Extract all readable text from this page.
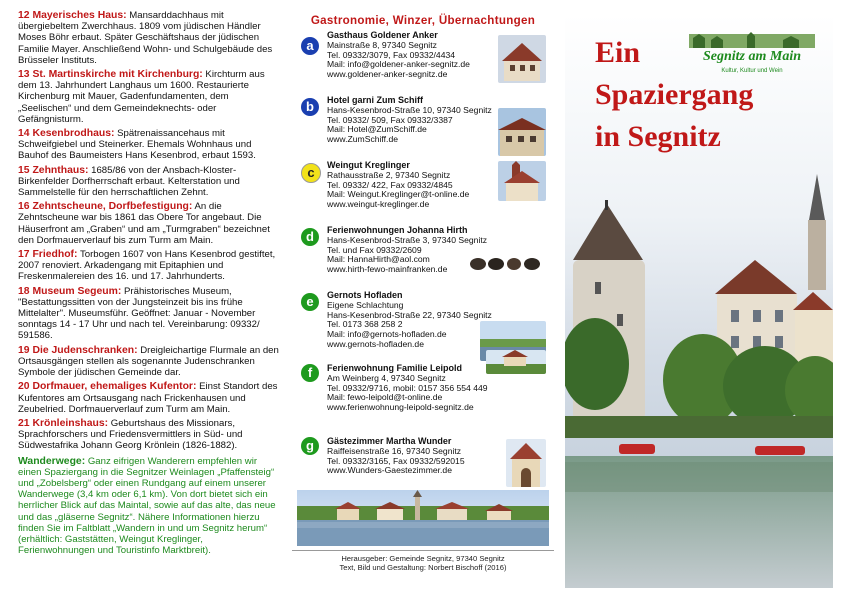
12 Mayerisches Haus: Mansarddachhaus mit übergiebeltem Zwerchhaus. 1809 vom jüdischen Händler Moses Böhr erbaut. Später Geschäftshaus der jüdischen Familie Mayer. Anschließend Wohn- und Schulgebäude des Brüsseler Instituts.
13 St. Martinskirche mit Kirchenburg: Kirchturm aus dem 13. Jahrhundert Langhaus um 1600. Restaurierte Kirchenburg mit Mauer, Gadenfundamenten, dem „Seelischen“ und dem Gemeindeknechts- oder Gefängnisturm.
14 Kesenbrodhaus: Spätrenaissancehaus mit Schweifgiebel und Steinerker. Ehemals Wohnhaus und Bauhof des Baumeisters Hans Kesenbrod, erbaut 1593.
15 Zehnthaus: 1685/86 von der Ansbach-Kloster-Birkenfelder Dorfherrschaft erbaut. Kelterstation und Sammelstelle für den herrschaftlichen Zehnt.
16 Zehntscheune, Dorfbefestigung: An die Zehntscheune war bis 1861 das Obere Tor angebaut. Die Häuserfront am „Graben“ und am „Turmgraben“ bezeichnet den Dorfmauerverlauf bis zum Turm am Main.
17 Friedhof: Torbogen 1607 von Hans Kesenbrod gestiftet, 2007 renoviert. Arkadengang mit Epitaphien und Freskenmalereien des 16. und 17. Jahrhunderts.
18 Museum Segeum: Prähistorisches Museum, "Bestattungssitten von der Jungsteinzeit bis ins frühe Mittelalter". Museumsführ. Geöffnet: Januar - November sonntags 14 - 17 Uhr und nach tel. Vereinbarung: 09332/ 591586.
19 Die Judenschranken: Dreigleichartige Flurmale an den Ortsausgängen stellen als sogenannte Judenschranken Symbole der jüdischen Gemeinde dar.
20 Dorfmauer, ehemaliges Kufentor: Einst Standort des Kufentores am Ortsausgang nach Frickenhausen und Zeubelried. Dorfmauerverlauf zum Turm am Main.
21 Krönleinshaus: Geburtshaus des Missionars, Sprachforschers und Friedensvermittlers in Süd- und Südwestafrika Johann Georg Krönlein (1826-1882).
Wanderwege: Ganz eifrigen Wanderern empfehlen wir einen Spaziergang in die Segnitzer Weinlagen „Pfaffensteig“ und „Zobelsberg“ oder einen Rundgang auf einem unserer Wanderwege (3,4 km oder 6,1 km). Von dort bietet sich ein herrlicher Blick auf das Maintal, sowie auf das alte, das neue und das „gläserne Segnitz“. Nähere Informationen hierzu finden Sie im Faltblatt „Wandern in und um Segnitz herum“ (erhältlich: Gaststätten, Weingut Kreglinger, Ferienwohnungen und Touristinfo Marktbreit).
Gastronomie, Winzer, Übernachtungen
a
Gasthaus Goldener Anker
Mainstraße 8, 97340 Segnitz
Tel. 09332/3079, Fax 09332/4434
Mail: info@goldener-anker-segnitz.de
www.goldener-anker-segnitz.de
b	Hotel garni Zum Schiff
Hans-Kesenbrod-Straße 10, 97340 Segnitz
Tel. 09332/ 509, Fax 09332/3387
Mail: Hotel@ZumSchiff.de
www.ZumSchiff.de
c	Weingut Kreglinger
Rathausstraße 2, 97340 Segnitz
Tel. 09332/ 422, Fax 09332/4845
Mail: Weingut.Kreglinger@t-online.de
www.weingut-kreglinger.de
d	Ferienwohnungen Johanna Hirth
Hans-Kesenbrod-Straße 3, 97340 Segnitz
Tel. und Fax 09332/2609
Mail: HannaHirth@aol.com
www.hirth-fewo-mainfranken.de
e	Gernots Hofladen
Eigene Schlachtung
Hans-Kesenbrod-Straße 22, 97340 Segnitz
Tel. 0173 368 258 2
Mail: info@gernots-hofladen.de
www.gernots-hofladen.de
f	Ferienwohnung Familie Leipold
Am Weinberg 4, 97340 Segnitz
Tel. 09332/9716, mobil: 0157 356 554 449
Mail: fewo-leipold@t-online.de
www.ferienwohnung-leipold-segnitz.de
g	Gästezimmer Martha Wunder
Raiffeisenstraße 16, 97340 Segnitz
Tel. 09332/3165, Fax 09332/592015
www.Wunders-Gaestezimmer.de
Herausgeber: Gemeinde Segnitz, 97340 Segnitz
Text, Bild und Gestaltung: Norbert Bischoff (2016)
Ein
Spaziergang
in Segnitz
Segnitz am Main
Kultur, Kultur und Wein
